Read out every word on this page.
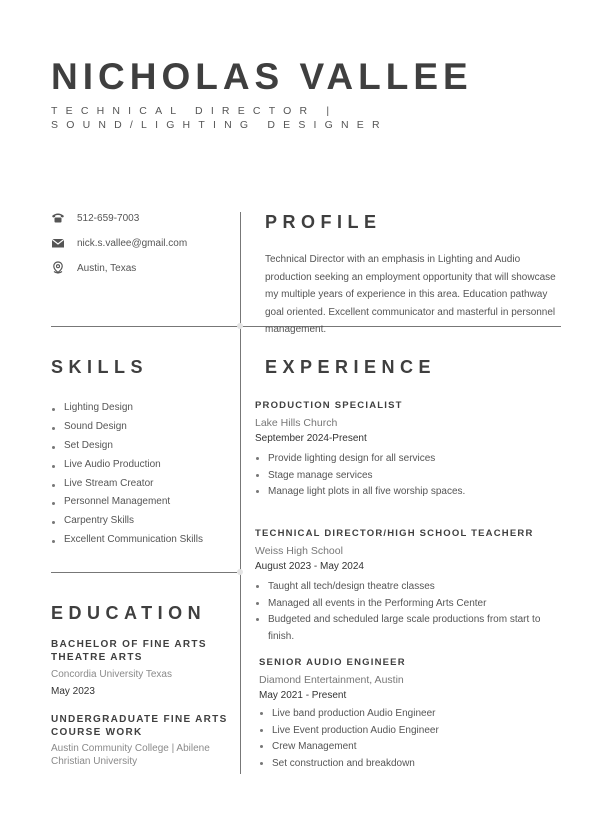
NICHOLAS VALLEE
TECHNICAL DIRECTOR | SOUND/LIGHTING DESIGNER
512-659-7003
nick.s.vallee@gmail.com
Austin, Texas
PROFILE
Technical Director with an emphasis in Lighting and Audio production seeking an employment opportunity that will showcase my multiple years of experience in this area. Education pathway goal oriented. Excellent communicator and masterful in personnel management.
SKILLS
Lighting Design
Sound Design
Set Design
Live Audio Production
Live Stream Creator
Personnel Management
Carpentry Skills
Excellent Communication Skills
EDUCATION
BACHELOR OF FINE ARTS THEATRE ARTS
Concordia University Texas
May 2023
UNDERGRADUATE FINE ARTS COURSE WORK
Austin Community College | Abilene Christian University
EXPERIENCE
PRODUCTION SPECIALIST
Lake Hills Church
September 2024-Present
Provide lighting design for all services
Stage manage services
Manage light plots in all five worship spaces.
TECHNICAL DIRECTOR/HIGH SCHOOL TEACHERR
Weiss High School
August 2023 - May 2024
Taught all tech/design theatre classes
Managed all events in the Performing Arts Center
Budgeted and scheduled large scale productions from start to finish.
SENIOR AUDIO ENGINEER
Diamond Entertainment, Austin
May 2021 - Present
Live band production Audio Engineer
Live Event production Audio Engineer
Crew Management
Set construction and breakdown
